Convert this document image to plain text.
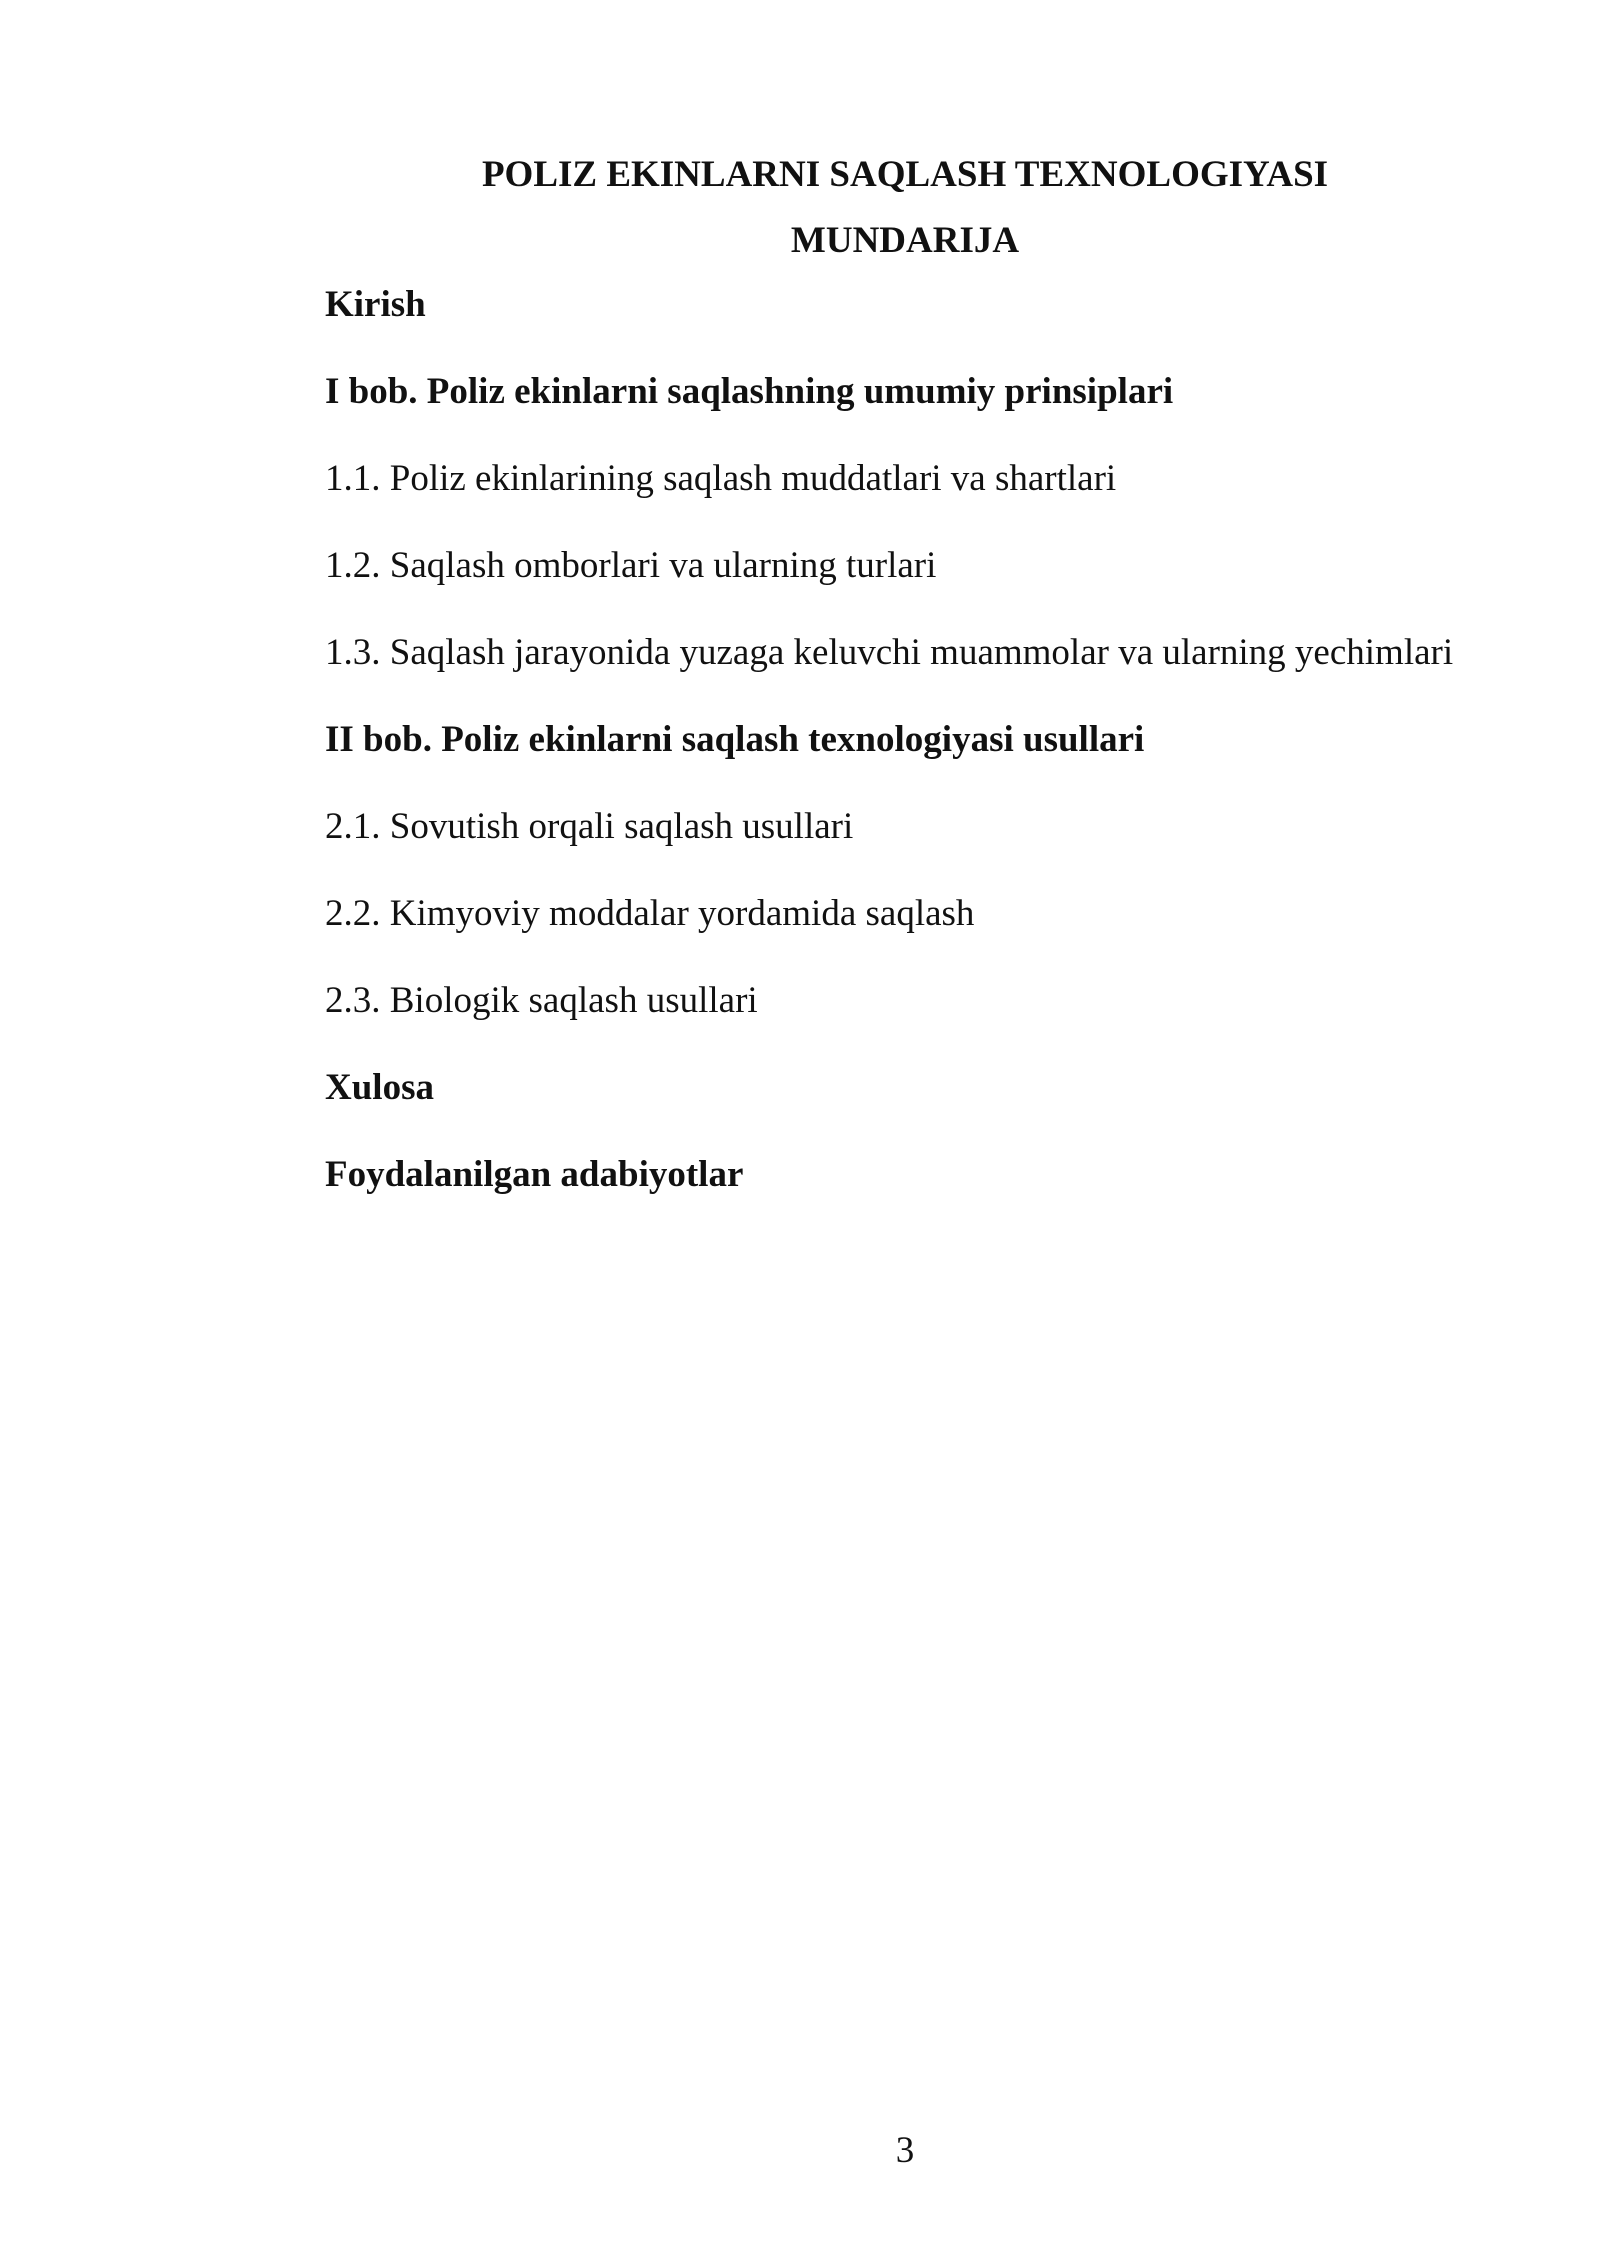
POLIZ EKINLARNI SAQLASH TEXNOLOGIYASI
MUNDARIJA
Kirish
I bob. Poliz ekinlarni saqlashning umumiy prinsiplari
1.1. Poliz ekinlarining saqlash muddatlari va shartlari
1.2. Saqlash omborlari va ularning turlari
1.3. Saqlash jarayonida yuzaga keluvchi muammolar va ularning yechimlari
II bob. Poliz ekinlarni saqlash texnologiyasi usullari
2.1. Sovutish orqali saqlash usullari
2.2. Kimyoviy moddalar yordamida saqlash
2.3. Biologik saqlash usullari
Xulosa
Foydalanilgan adabiyotlar
3
